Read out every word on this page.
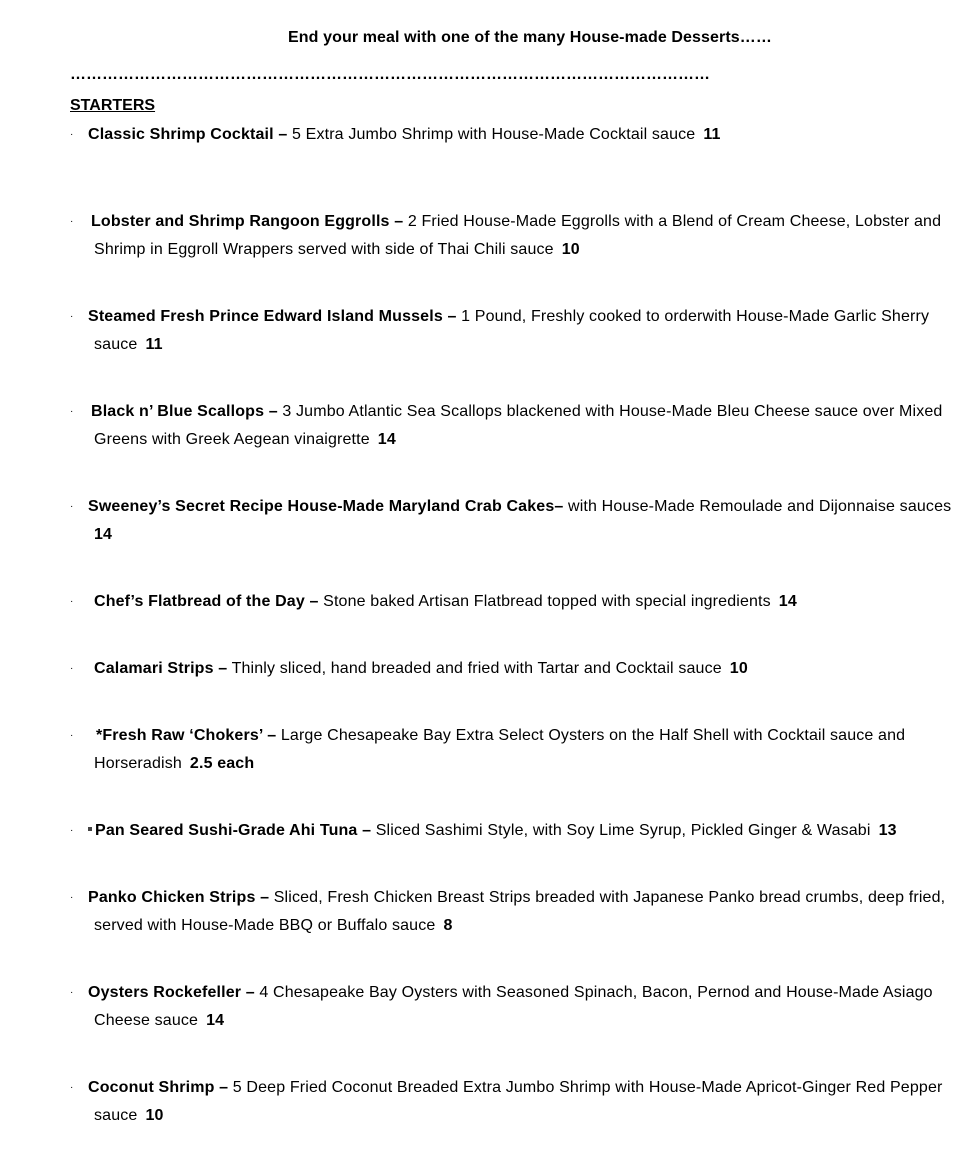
End your meal with one of the many House-made Desserts……
…………………………………………………………………………………………………………
STARTERS
· Classic Shrimp Cocktail – 5 Extra Jumbo Shrimp with House-Made Cocktail sauce 11
· Lobster and Shrimp Rangoon Eggrolls – 2 Fried House-Made Eggrolls with a Blend of Cream Cheese, Lobster and
Shrimp in Eggroll Wrappers served with side of Thai Chili sauce 10
· Steamed Fresh Prince Edward Island Mussels – 1 Pound, Freshly cooked to orderwith House-Made Garlic Sherry
sauce 11
· Black n’ Blue Scallops – 3 Jumbo Atlantic Sea Scallops blackened with House-Made Bleu Cheese sauce over Mixed
Greens with Greek Aegean vinaigrette 14
· Sweeney’s Secret Recipe House-Made Maryland Crab Cakes– with House-Made Remoulade and Dijonnaise sauces
14
· Chef’s Flatbread of the Day – Stone baked Artisan Flatbread topped with special ingredients 14
· Calamari Strips – Thinly sliced, hand breaded and fried with Tartar and Cocktail sauce 10
· *Fresh Raw ‘Chokers’ – Large Chesapeake Bay Extra Select Oysters on the Half Shell with Cocktail sauce and
Horseradish 2.5 each
· Pan Seared Sushi-Grade Ahi Tuna – Sliced Sashimi Style, with Soy Lime Syrup, Pickled Ginger & Wasabi 13
· Panko Chicken Strips – Sliced, Fresh Chicken Breast Strips breaded with Japanese Panko bread crumbs, deep fried,
served with House-Made BBQ or Buffalo sauce 8
· Oysters Rockefeller – 4 Chesapeake Bay Oysters with Seasoned Spinach, Bacon, Pernod and House-Made Asiago
Cheese sauce 14
· Coconut Shrimp – 5 Deep Fried Coconut Breaded Extra Jumbo Shrimp with House-Made Apricot-Ginger Red Pepper
sauce 10
